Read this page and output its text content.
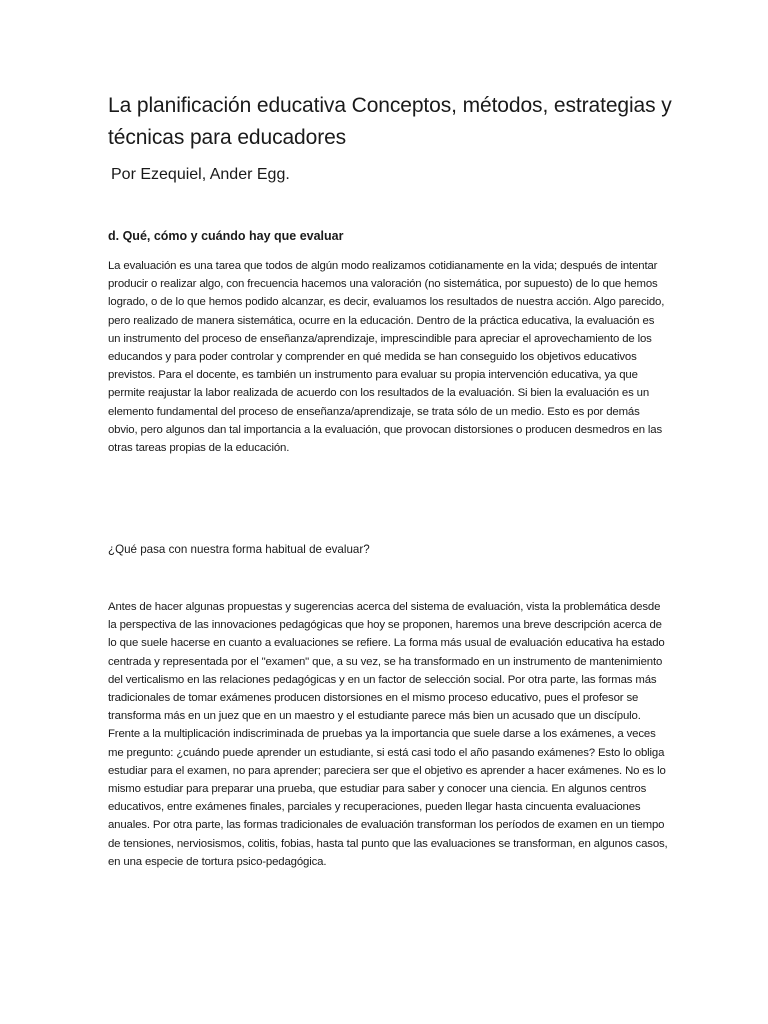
La planificación educativa Conceptos, métodos, estrategias y técnicas para educadores

Por Ezequiel, Ander Egg.

d. Qué, cómo y cuándo hay que evaluar

La evaluación es una tarea que todos de algún modo realizamos cotidianamente en la vida; después de intentar producir o realizar algo, con frecuencia hacemos una valoración (no sistemática, por supuesto) de lo que hemos logrado, o de lo que hemos podido alcanzar, es decir, evaluamos los resultados de nuestra acción. Algo parecido, pero realizado de manera sistemática, ocurre en la educación. Dentro de la práctica educativa, la evaluación es un instrumento del proceso de enseñanza/aprendizaje, imprescindible para apreciar el aprovechamiento de los educandos y para poder controlar y comprender en qué medida se han conseguido los objetivos educativos previstos. Para el docente, es también un instrumento para evaluar su propia intervención educativa, ya que permite reajustar la labor realizada de acuerdo con los resultados de la evaluación. Si bien la evaluación es un elemento fundamental del proceso de enseñanza/aprendizaje, se trata sólo de un medio. Esto es por demás obvio, pero algunos dan tal importancia a la evaluación, que provocan distorsiones o producen desmedros en las otras tareas propias de la educación.

¿Qué pasa con nuestra forma habitual de evaluar?

Antes de hacer algunas propuestas y sugerencias acerca del sistema de evaluación, vista la problemática desde la perspectiva de las innovaciones pedagógicas que hoy se proponen, haremos una breve descripción acerca de lo que suele hacerse en cuanto a evaluaciones se refiere. La forma más usual de evaluación educativa ha estado centrada y representada por el "examen" que, a su vez, se ha transformado en un instrumento de mantenimiento del verticalismo en las relaciones pedagógicas y en un factor de selección social. Por otra parte, las formas más tradicionales de tomar exámenes producen distorsiones en el mismo proceso educativo, pues el profesor se transforma más en un juez que en un maestro y el estudiante parece más bien un acusado que un discípulo. Frente a la multiplicación indiscriminada de pruebas ya la importancia que suele darse a los exámenes, a veces me pregunto: ¿cuándo puede aprender un estudiante, si está casi todo el año pasando exámenes? Esto lo obliga estudiar para el examen, no para aprender; pareciera ser que el objetivo es aprender a hacer exámenes. No es lo mismo estudiar para preparar una prueba, que estudiar para saber y conocer una ciencia. En algunos centros educativos, entre exámenes finales, parciales y recuperaciones, pueden llegar hasta cincuenta evaluaciones anuales. Por otra parte, las formas tradicionales de evaluación transforman los períodos de examen en un tiempo de tensiones, nerviosismos, colitis, fobias, hasta tal punto que las evaluaciones se transforman, en algunos casos, en una especie de tortura psico-pedagógica.
